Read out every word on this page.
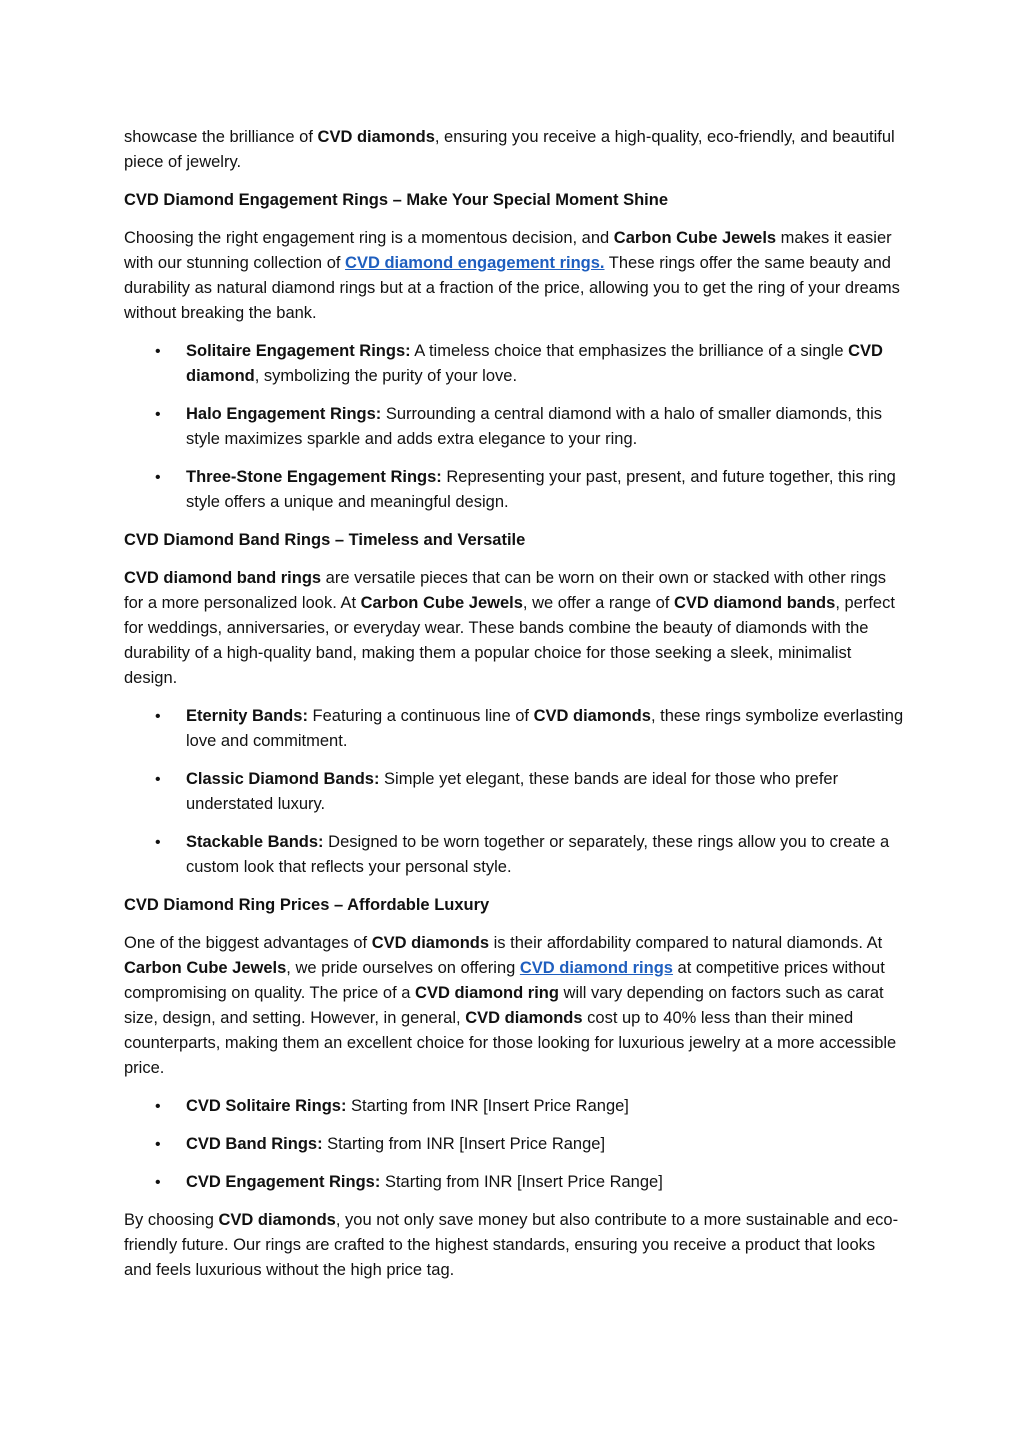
showcase the brilliance of CVD diamonds, ensuring you receive a high-quality, eco-friendly, and beautiful piece of jewelry.

CVD Diamond Engagement Rings – Make Your Special Moment Shine

Choosing the right engagement ring is a momentous decision, and Carbon Cube Jewels makes it easier with our stunning collection of CVD diamond engagement rings. These rings offer the same beauty and durability as natural diamond rings but at a fraction of the price, allowing you to get the ring of your dreams without breaking the bank.

• Solitaire Engagement Rings: A timeless choice that emphasizes the brilliance of a single CVD diamond, symbolizing the purity of your love.
• Halo Engagement Rings: Surrounding a central diamond with a halo of smaller diamonds, this style maximizes sparkle and adds extra elegance to your ring.
• Three-Stone Engagement Rings: Representing your past, present, and future together, this ring style offers a unique and meaningful design.

CVD Diamond Band Rings – Timeless and Versatile

CVD diamond band rings are versatile pieces that can be worn on their own or stacked with other rings for a more personalized look. At Carbon Cube Jewels, we offer a range of CVD diamond bands, perfect for weddings, anniversaries, or everyday wear. These bands combine the beauty of diamonds with the durability of a high-quality band, making them a popular choice for those seeking a sleek, minimalist design.

• Eternity Bands: Featuring a continuous line of CVD diamonds, these rings symbolize everlasting love and commitment.
• Classic Diamond Bands: Simple yet elegant, these bands are ideal for those who prefer understated luxury.
• Stackable Bands: Designed to be worn together or separately, these rings allow you to create a custom look that reflects your personal style.

CVD Diamond Ring Prices – Affordable Luxury

One of the biggest advantages of CVD diamonds is their affordability compared to natural diamonds. At Carbon Cube Jewels, we pride ourselves on offering CVD diamond rings at competitive prices without compromising on quality. The price of a CVD diamond ring will vary depending on factors such as carat size, design, and setting. However, in general, CVD diamonds cost up to 40% less than their mined counterparts, making them an excellent choice for those looking for luxurious jewelry at a more accessible price.

• CVD Solitaire Rings: Starting from INR [Insert Price Range]
• CVD Band Rings: Starting from INR [Insert Price Range]
• CVD Engagement Rings: Starting from INR [Insert Price Range]

By choosing CVD diamonds, you not only save money but also contribute to a more sustainable and eco-friendly future. Our rings are crafted to the highest standards, ensuring you receive a product that looks and feels luxurious without the high price tag.
